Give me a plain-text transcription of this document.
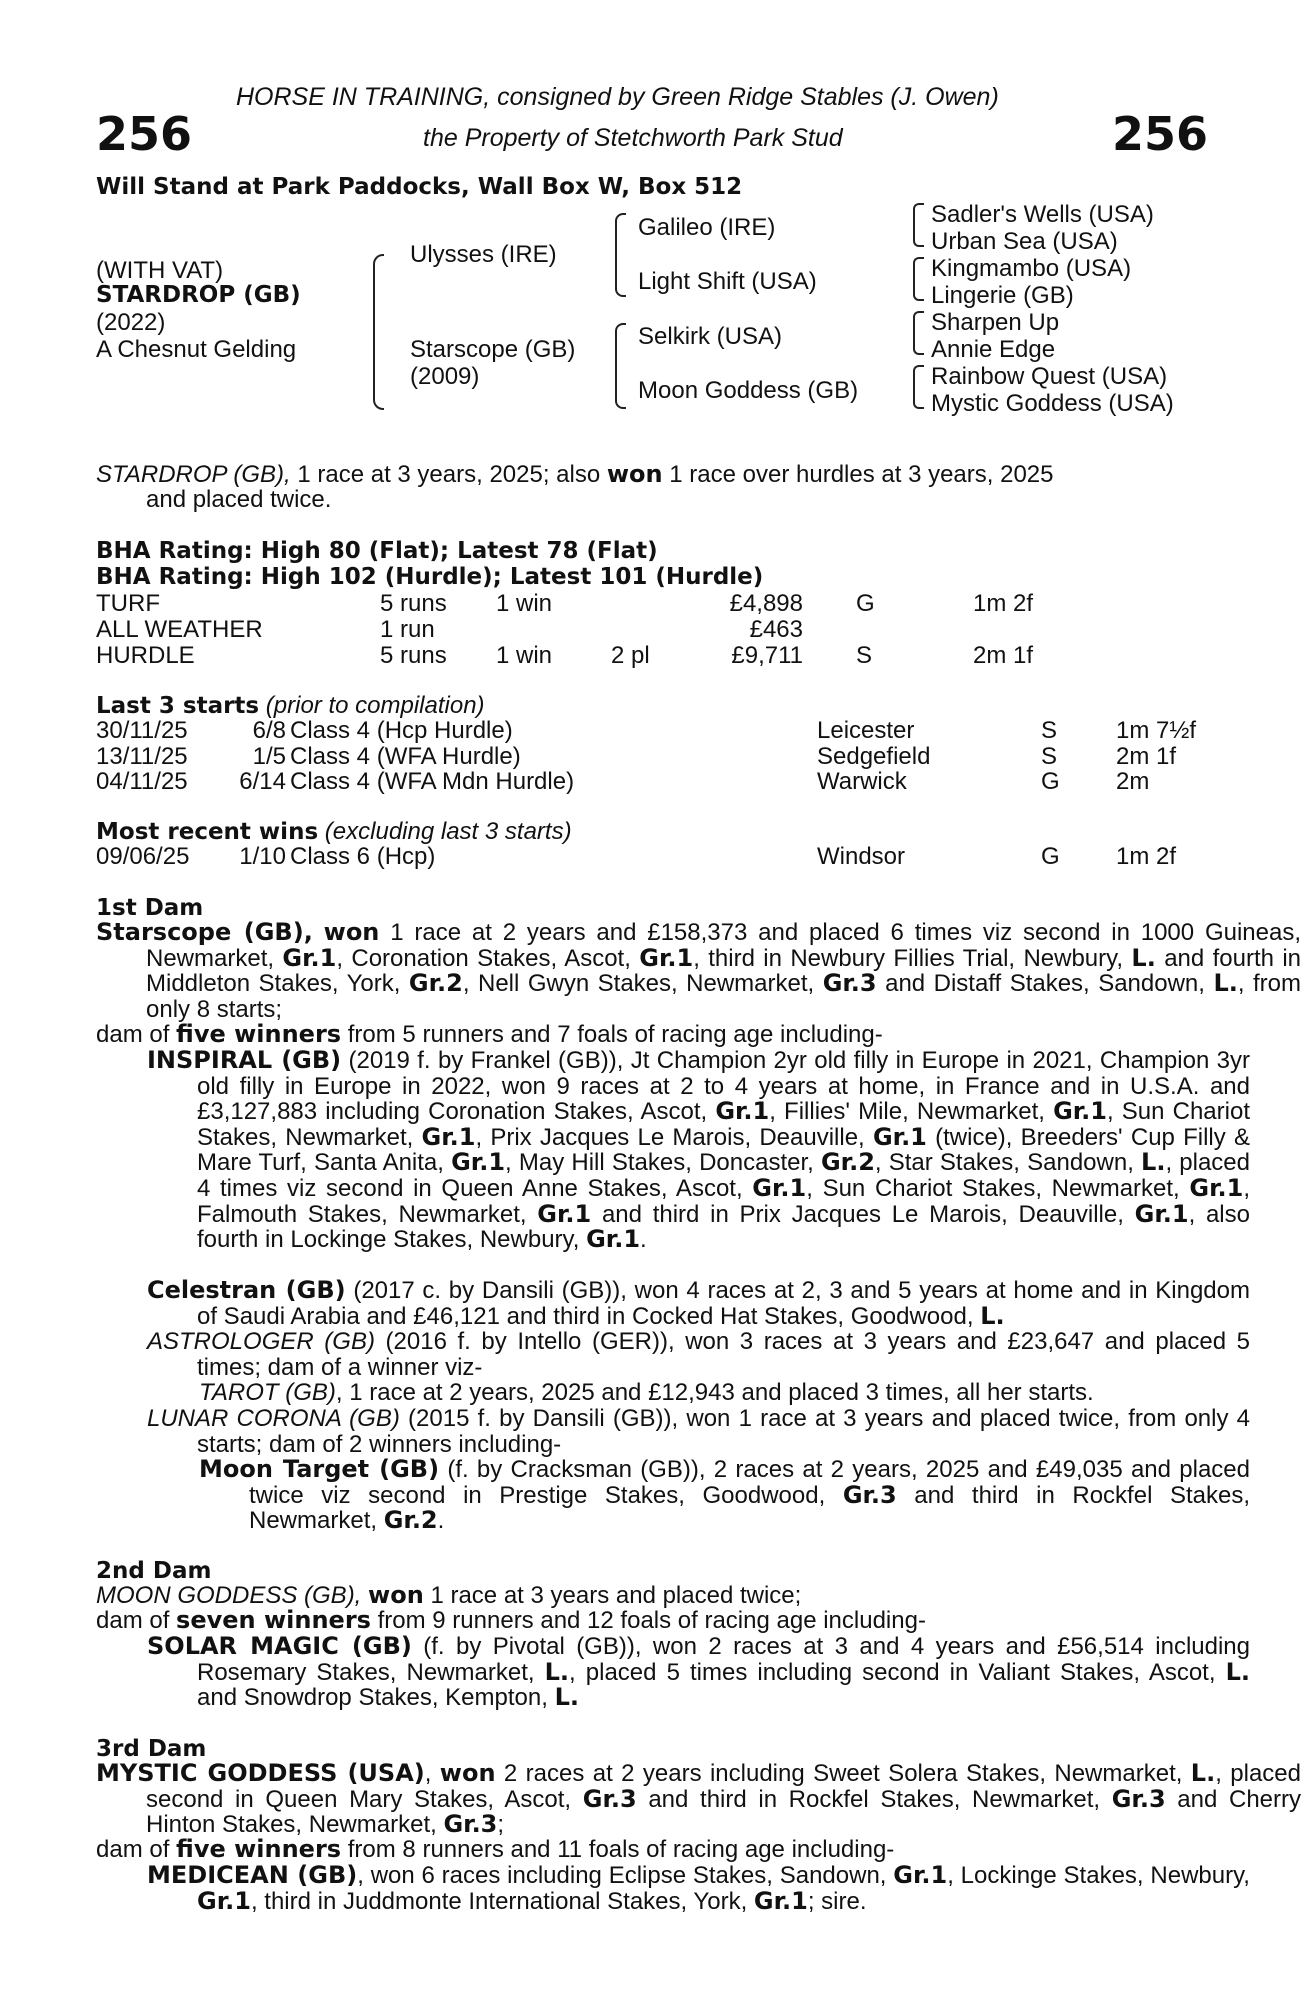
HORSE IN TRAINING, consigned by Green Ridge Stables (J. Owen)
256	the Property of Stetchworth Park Stud	256
Will Stand at Park Paddocks, Wall Box W, Box 512
(WITH VAT)
STARDROP (GB)
(2022)
A Chesnut Gelding
Ulysses (IRE)
Starscope (GB)
(2009)
Galileo (IRE)
Light Shift (USA)
Selkirk (USA)
Moon Goddess (GB)
Sadler's Wells (USA)
Urban Sea (USA)
Kingmambo (USA)
Lingerie (GB)
Sharpen Up
Annie Edge
Rainbow Quest (USA)
Mystic Goddess (USA)
STARDROP (GB), 1 race at 3 years, 2025; also won 1 race over hurdles at 3 years, 2025
and placed twice.
BHA Rating: High 80 (Flat); Latest 78 (Flat)
BHA Rating: High 102 (Hurdle); Latest 101 (Hurdle)
TURF	5 runs 1 win	£4,898 G	1m 2f
ALL WEATHER	1 run	£463
HURDLE	5 runs 1 win 2 pl	£9,711 S	2m 1f
Last 3 starts (prior to compilation)
30/11/25	6/8 Class 4 (Hcp Hurdle)	Leicester	S 1m 7½f
13/11/25	1/5 Class 4 (WFA Hurdle)	Sedgefield	S 2m 1f
04/11/25 6/14 Class 4 (WFA Mdn Hurdle)	Warwick	G 2m
Most recent wins (excluding last 3 starts)
09/06/25 1/10 Class 6 (Hcp)	Windsor	G 1m 2f
1st Dam
Starscope (GB), won 1 race at 2 years and £158,373 and placed 6 times viz second in 1000 Guineas, Newmarket, Gr.1, Coronation Stakes, Ascot, Gr.1, third in Newbury Fillies Trial, Newbury, L. and fourth in Middleton Stakes, York, Gr.2, Nell Gwyn Stakes, Newmarket, Gr.3 and Distaff Stakes, Sandown, L., from only 8 starts;
dam of five winners from 5 runners and 7 foals of racing age including-
INSPIRAL (GB) (2019 f. by Frankel (GB)), Jt Champion 2yr old filly in Europe in 2021, Champion 3yr old filly in Europe in 2022, won 9 races at 2 to 4 years at home, in France and in U.S.A. and £3,127,883 including Coronation Stakes, Ascot, Gr.1, Fillies' Mile, Newmarket, Gr.1, Sun Chariot Stakes, Newmarket, Gr.1, Prix Jacques Le Marois, Deauville, Gr.1 (twice), Breeders' Cup Filly & Mare Turf, Santa Anita, Gr.1, May Hill Stakes, Doncaster, Gr.2, Star Stakes, Sandown, L., placed 4 times viz second in Queen Anne Stakes, Ascot, Gr.1, Sun Chariot Stakes, Newmarket, Gr.1, Falmouth Stakes, Newmarket, Gr.1 and third in Prix Jacques Le Marois, Deauville, Gr.1, also fourth in Lockinge Stakes, Newbury, Gr.1.
Celestran (GB) (2017 c. by Dansili (GB)), won 4 races at 2, 3 and 5 years at home and in Kingdom of Saudi Arabia and £46,121 and third in Cocked Hat Stakes, Goodwood, L.
ASTROLOGER (GB) (2016 f. by Intello (GER)), won 3 races at 3 years and £23,647 and placed 5 times; dam of a winner viz-
TAROT (GB), 1 race at 2 years, 2025 and £12,943 and placed 3 times, all her starts.
LUNAR CORONA (GB) (2015 f. by Dansili (GB)), won 1 race at 3 years and placed twice, from only 4 starts; dam of 2 winners including-
Moon Target (GB) (f. by Cracksman (GB)), 2 races at 2 years, 2025 and £49,035 and placed twice viz second in Prestige Stakes, Goodwood, Gr.3 and third in Rockfel Stakes, Newmarket, Gr.2.
2nd Dam
MOON GODDESS (GB), won 1 race at 3 years and placed twice;
dam of seven winners from 9 runners and 12 foals of racing age including-
SOLAR MAGIC (GB) (f. by Pivotal (GB)), won 2 races at 3 and 4 years and £56,514 including Rosemary Stakes, Newmarket, L., placed 5 times including second in Valiant Stakes, Ascot, L. and Snowdrop Stakes, Kempton, L.
3rd Dam
MYSTIC GODDESS (USA), won 2 races at 2 years including Sweet Solera Stakes, Newmarket, L., placed second in Queen Mary Stakes, Ascot, Gr.3 and third in Rockfel Stakes, Newmarket, Gr.3 and Cherry Hinton Stakes, Newmarket, Gr.3;
dam of five winners from 8 runners and 11 foals of racing age including-
MEDICEAN (GB), won 6 races including Eclipse Stakes, Sandown, Gr.1, Lockinge Stakes, Newbury, Gr.1, third in Juddmonte International Stakes, York, Gr.1; sire.
